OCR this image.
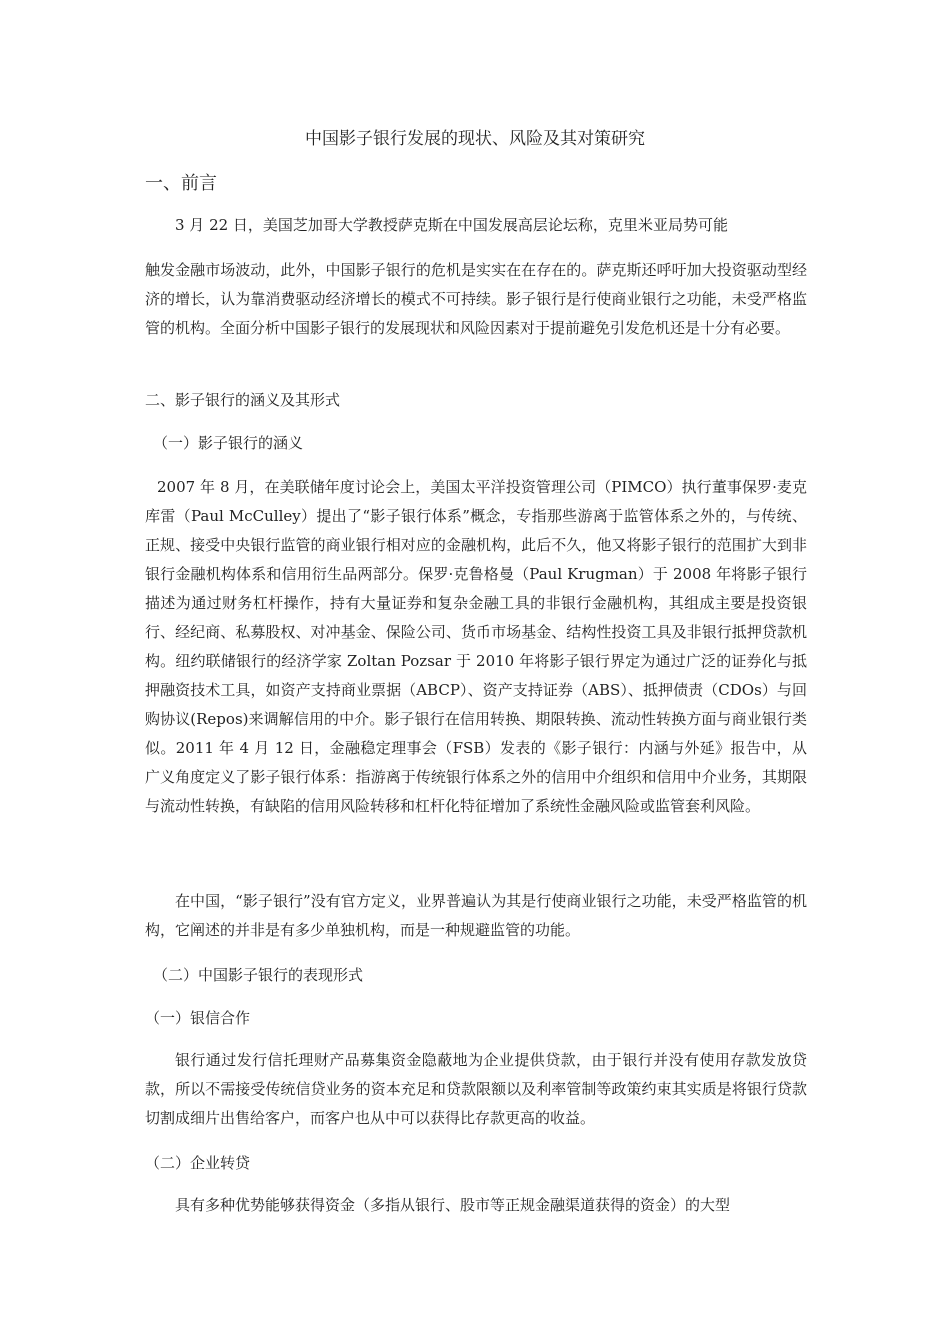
中国影子银行发展的现状、风险及其对策研究
一、前言

3 月 22 日，美国芝加哥大学教授萨克斯在中国发展高层论坛称，克里米亚局势可能

触发金融市场波动，此外，中国影子银行的危机是实实在在存在的。萨克斯还呼吁加大投资驱动型经济的增长，认为靠消费驱动经济增长的模式不可持续。影子银行是行使商业银行之功能，未受严格监管的机构。全面分析中国影子银行的发展现状和风险因素对于提前避免引发危机还是十分有必要。

二、影子银行的涵义及其形式
（一）影子银行的涵义

2007 年 8 月，在美联储年度讨论会上，美国太平洋投资管理公司（PIMCO）执行董事保罗·麦克库雷（Paul McCulley）提出了“影子银行体系”概念，专指那些游离于监管体系之外的，与传统、正规、接受中央银行监管的商业银行相对应的金融机构，此后不久，他又将影子银行的范围扩大到非银行金融机构体系和信用衍生品两部分。保罗·克鲁格曼（Paul Krugman）于 2008 年将影子银行描述为通过财务杠杆操作，持有大量证券和复杂金融工具的非银行金融机构，其组成主要是投资银行、经纪商、私募股权、对冲基金、保险公司、货币市场基金、结构性投资工具及非银行抵押贷款机构。纽约联储银行的经济学家 Zoltan Pozsar 于 2010 年将影子银行界定为通过广泛的证券化与抵押融资技术工具，如资产支持商业票据（ABCP）、资产支持证券（ABS）、抵押债责（CDOs）与回购协议(Repos)来调解信用的中介。影子银行在信用转换、期限转换、流动性转换方面与商业银行类似。2011 年 4 月 12 日，金融稳定理事会（FSB）发表的《影子银行：内涵与外延》报告中，从广义角度定义了影子银行体系：指游离于传统银行体系之外的信用中介组织和信用中介业务，其期限与流动性转换，有缺陷的信用风险转移和杠杆化特征增加了系统性金融风险或监管套利风险。

在中国，“影子银行”没有官方定义，业界普遍认为其是行使商业银行之功能，未受严格监管的机构，它阐述的并非是有多少单独机构，而是一种规避监管的功能。

（二）中国影子银行的表现形式
（一）银信合作

银行通过发行信托理财产品募集资金隐蔽地为企业提供贷款，由于银行并没有使用存款发放贷款，所以不需接受传统信贷业务的资本充足和贷款限额以及利率管制等政策约束其实质是将银行贷款切割成细片出售给客户，而客户也从中可以获得比存款更高的收益。

（二）企业转贷

具有多种优势能够获得资金（多指从银行、股市等正规金融渠道获得的资金）的大型
